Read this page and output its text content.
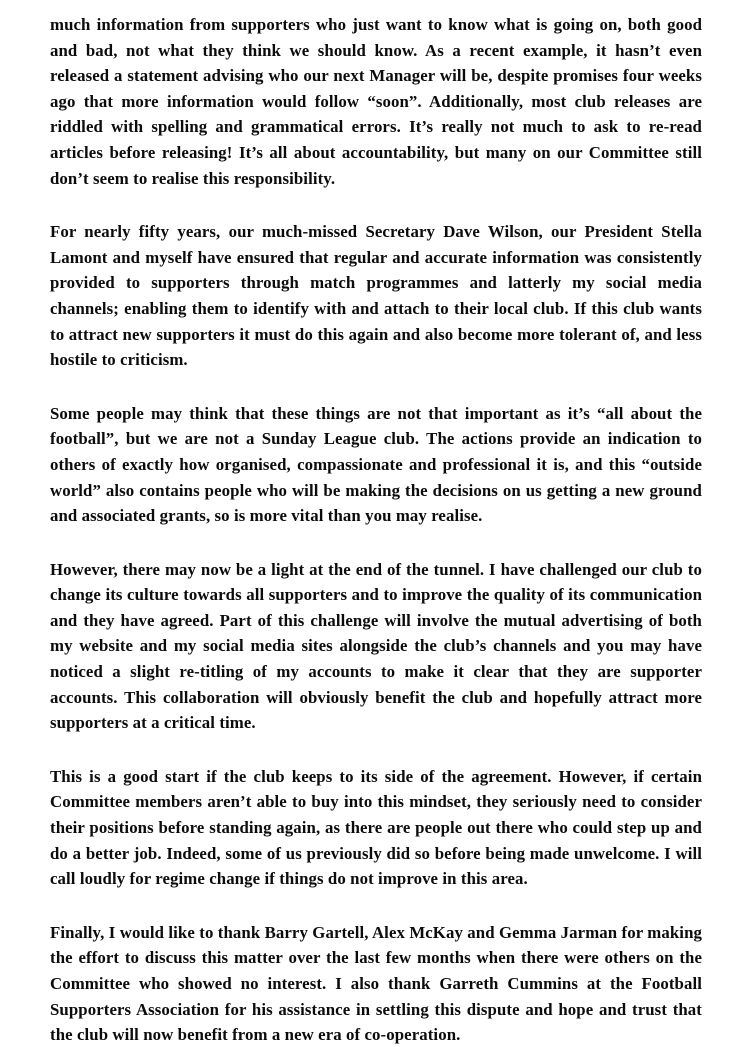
much information from supporters who just want to know what is going on, both good and bad, not what they think we should know. As a recent example, it hasn’t even released a statement advising who our next Manager will be, despite promises four weeks ago that more information would follow “soon”. Additionally, most club releases are riddled with spelling and grammatical errors. It’s really not much to ask to re-read articles before releasing! It’s all about accountability, but many on our Committee still don’t seem to realise this responsibility.

For nearly fifty years, our much-missed Secretary Dave Wilson, our President Stella Lamont and myself have ensured that regular and accurate information was consistently provided to supporters through match programmes and latterly my social media channels; enabling them to identify with and attach to their local club. If this club wants to attract new supporters it must do this again and also become more tolerant of, and less hostile to criticism.

Some people may think that these things are not that important as it’s “all about the football”, but we are not a Sunday League club. The actions provide an indication to others of exactly how organised, compassionate and professional it is, and this “outside world” also contains people who will be making the decisions on us getting a new ground and associated grants, so is more vital than you may realise.

However, there may now be a light at the end of the tunnel. I have challenged our club to change its culture towards all supporters and to improve the quality of its communication and they have agreed. Part of this challenge will involve the mutual advertising of both my website and my social media sites alongside the club’s channels and you may have noticed a slight re-titling of my accounts to make it clear that they are supporter accounts. This collaboration will obviously benefit the club and hopefully attract more supporters at a critical time.

This is a good start if the club keeps to its side of the agreement. However, if certain Committee members aren’t able to buy into this mindset, they seriously need to consider their positions before standing again, as there are people out there who could step up and do a better job. Indeed, some of us previously did so before being made unwelcome. I will call loudly for regime change if things do not improve in this area.

Finally, I would like to thank Barry Gartell, Alex McKay and Gemma Jarman for making the effort to discuss this matter over the last few months when there were others on the Committee who showed no interest. I also thank Garreth Cummins at the Football Supporters Association for his assistance in settling this dispute and hope and trust that the club will now benefit from a new era of co-operation.
